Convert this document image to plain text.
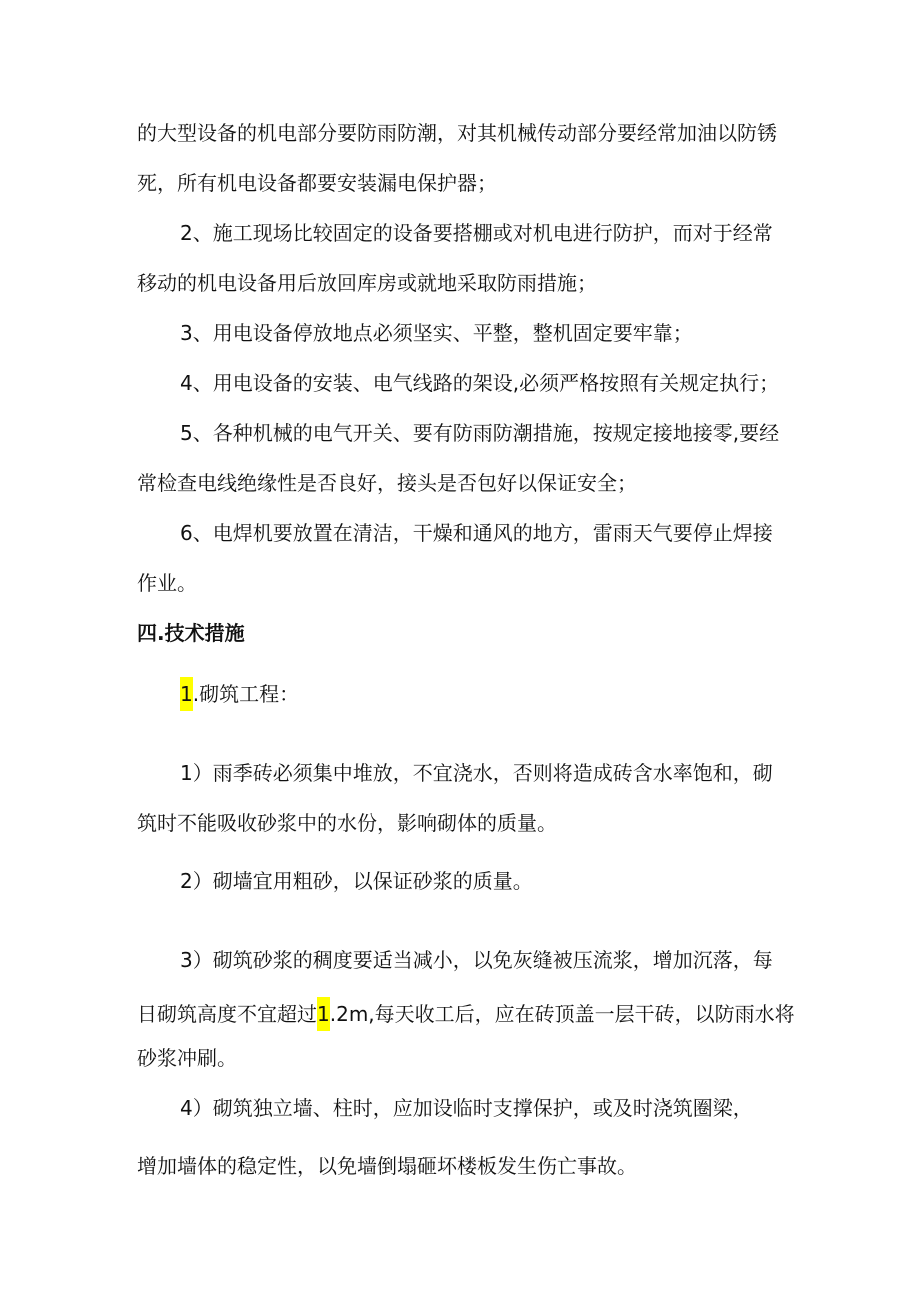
的大型设备的机电部分要防雨防潮，对其机械传动部分要经常加油以防锈
死，所有机电设备都要安装漏电保护器；
2、施工现场比较固定的设备要搭棚或对机电进行防护，而对于经常
移动的机电设备用后放回库房或就地采取防雨措施；
3、用电设备停放地点必须坚实、平整，整机固定要牢靠；
4、用电设备的安装、电气线路的架设,必须严格按照有关规定执行；
5、各种机械的电气开关、要有防雨防潮措施，按规定接地接零,要经
常检查电线绝缘性是否良好，接头是否包好以保证安全；
6、电焊机要放置在清洁，干燥和通风的地方，雷雨天气要停止焊接
作业。
四.技术措施
1.砌筑工程：
1）雨季砖必须集中堆放，不宜浇水，否则将造成砖含水率饱和，砌
筑时不能吸收砂浆中的水份，影响砌体的质量。
2）砌墙宜用粗砂，以保证砂浆的质量。
3）砌筑砂浆的稠度要适当减小，以免灰缝被压流浆，增加沉落，每
日砌筑高度不宜超过1.2m,每天收工后，应在砖顶盖一层干砖，以防雨水将
砂浆冲刷。
4）砌筑独立墙、柱时，应加设临时支撑保护，或及时浇筑圈梁，
增加墙体的稳定性，以免墙倒塌砸坏楼板发生伤亡事故。
